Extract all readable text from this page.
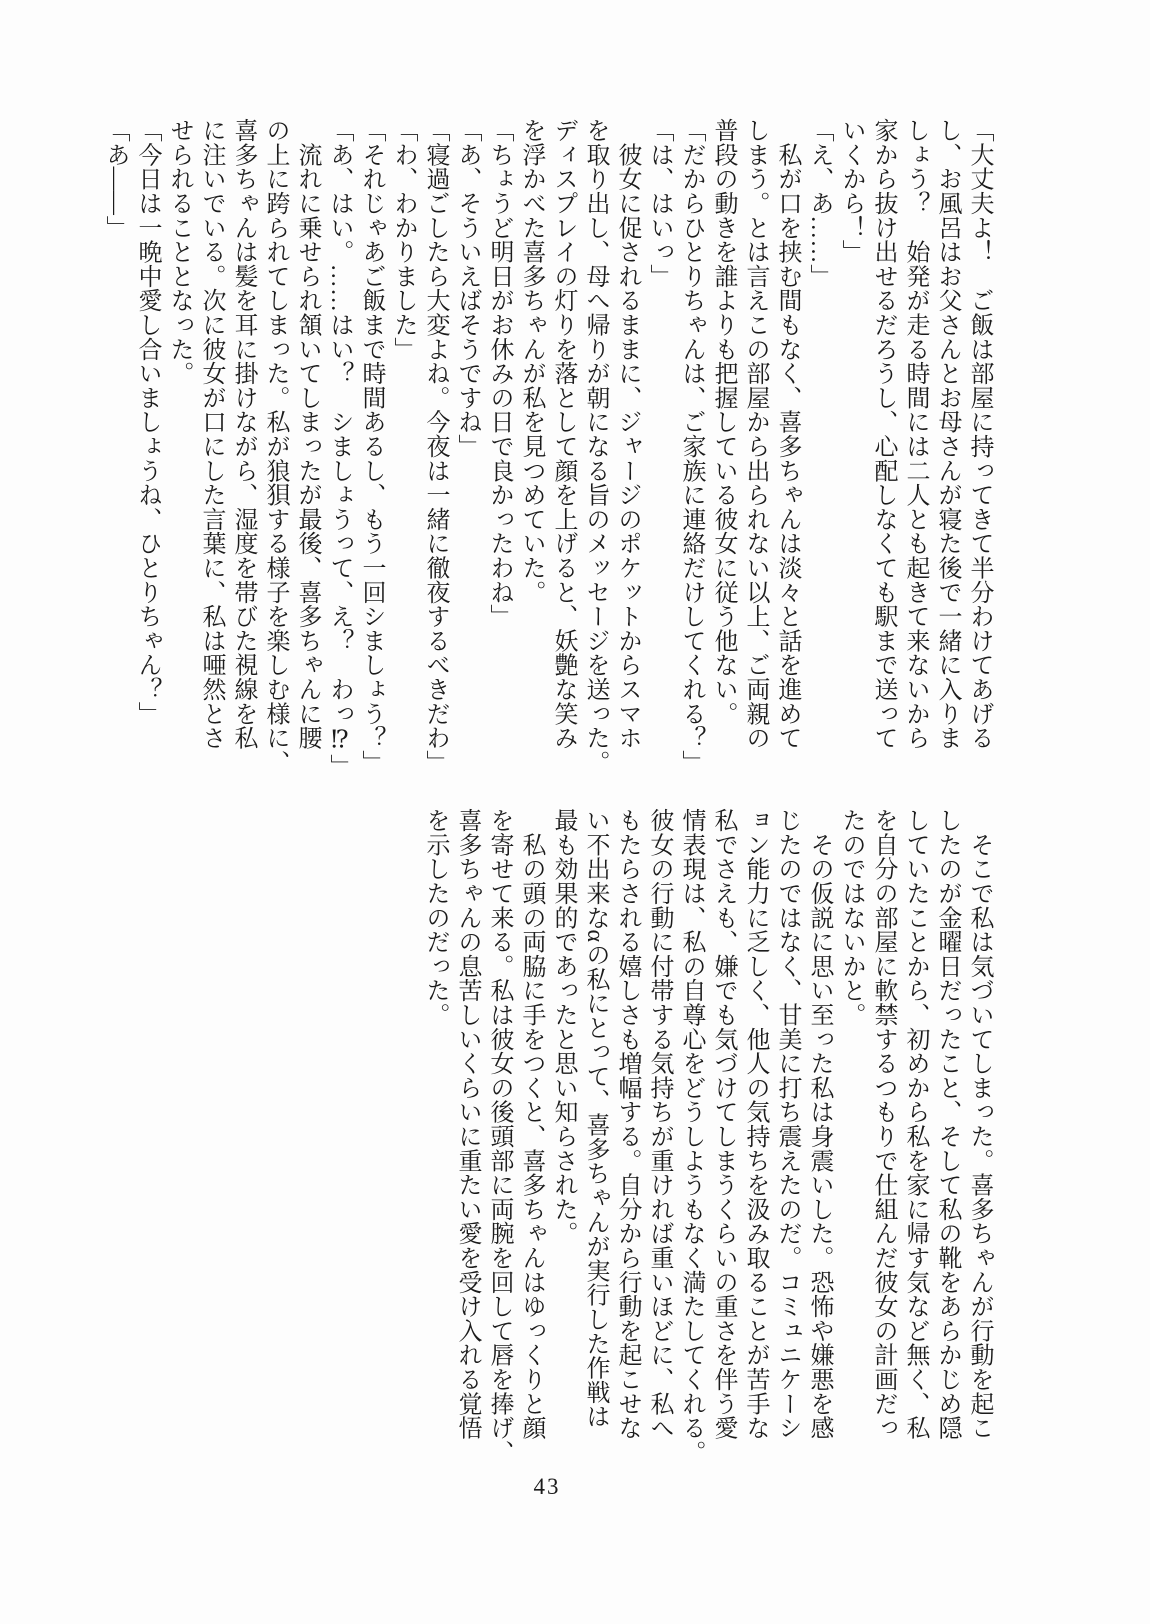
「大丈夫よ！　ご飯は部屋に持ってきて半分わけてあげる

し、お風呂はお父さんとお母さんが寝た後で一緒に入りま

しょう？　始発が走る時間には二人とも起きて来ないから

家から抜け出せるだろうし、心配しなくても駅まで送って

いくから！」

「え、あ……」

　私が口を挟む間もなく、喜多ちゃんは淡々と話を進めて

しまう。とは言えこの部屋から出られない以上、ご両親の

普段の動きを誰よりも把握している彼女に従う他ない。

「だからひとりちゃんは、ご家族に連絡だけしてくれる？」

「は、はいっ」

　彼女に促されるままに、ジャージのポケットからスマホ

を取り出し、母へ帰りが朝になる旨のメッセージを送った。

ディスプレイの灯りを落として顔を上げると、妖艶な笑み

を浮かべた喜多ちゃんが私を見つめていた。

「ちょうど明日がお休みの日で良かったわね」

「あ、そういえばそうですね」

「寝過ごしたら大変よね。今夜は一緒に徹夜するべきだわ」

「わ、わかりました」

「それじゃあご飯まで時間あるし、もう一回シましょう？」

「あ、はい。……はい？　シましょうって、え？　わっ⁉」

　流れに乗せられ頷いてしまったが最後、喜多ちゃんに腰

の上に跨られてしまった。私が狼狽する様子を楽しむ様に、

喜多ちゃんは髪を耳に掛けながら、湿度を帯びた視線を私

に注いでいる。次に彼女が口にした言葉に、私は唖然とさ

せられることとなった。

「今日は一晩中愛し合いましょうね、ひとりちゃん？」

「あ——」

　そこで私は気づいてしまった。喜多ちゃんが行動を起こ

したのが金曜日だったこと、そして私の靴をあらかじめ隠

していたことから、初めから私を家に帰す気など無く、私

を自分の部屋に軟禁するつもりで仕組んだ彼女の計画だっ

たのではないかと。

　その仮説に思い至った私は身震いした。恐怖や嫌悪を感

じたのではなく、甘美に打ち震えたのだ。コミュニケーシ

ョン能力に乏しく、他人の気持ちを汲み取ることが苦手な

私でさえも、嫌でも気づけてしまうくらいの重さを伴う愛

情表現は、私の自尊心をどうしようもなく満たしてくれる。

彼女の行動に付帯する気持ちが重ければ重いほどに、私へ

もたらされる嬉しさも増幅する。自分から行動を起こせな

い不出来なαの私にとって、喜多ちゃんが実行した作戦は

最も効果的であったと思い知らされた。

　私の頭の両脇に手をつくと、喜多ちゃんはゆっくりと顔

を寄せて来る。私は彼女の後頭部に両腕を回して唇を捧げ、

喜多ちゃんの息苦しいくらいに重たい愛を受け入れる覚悟

を示したのだった。

43
